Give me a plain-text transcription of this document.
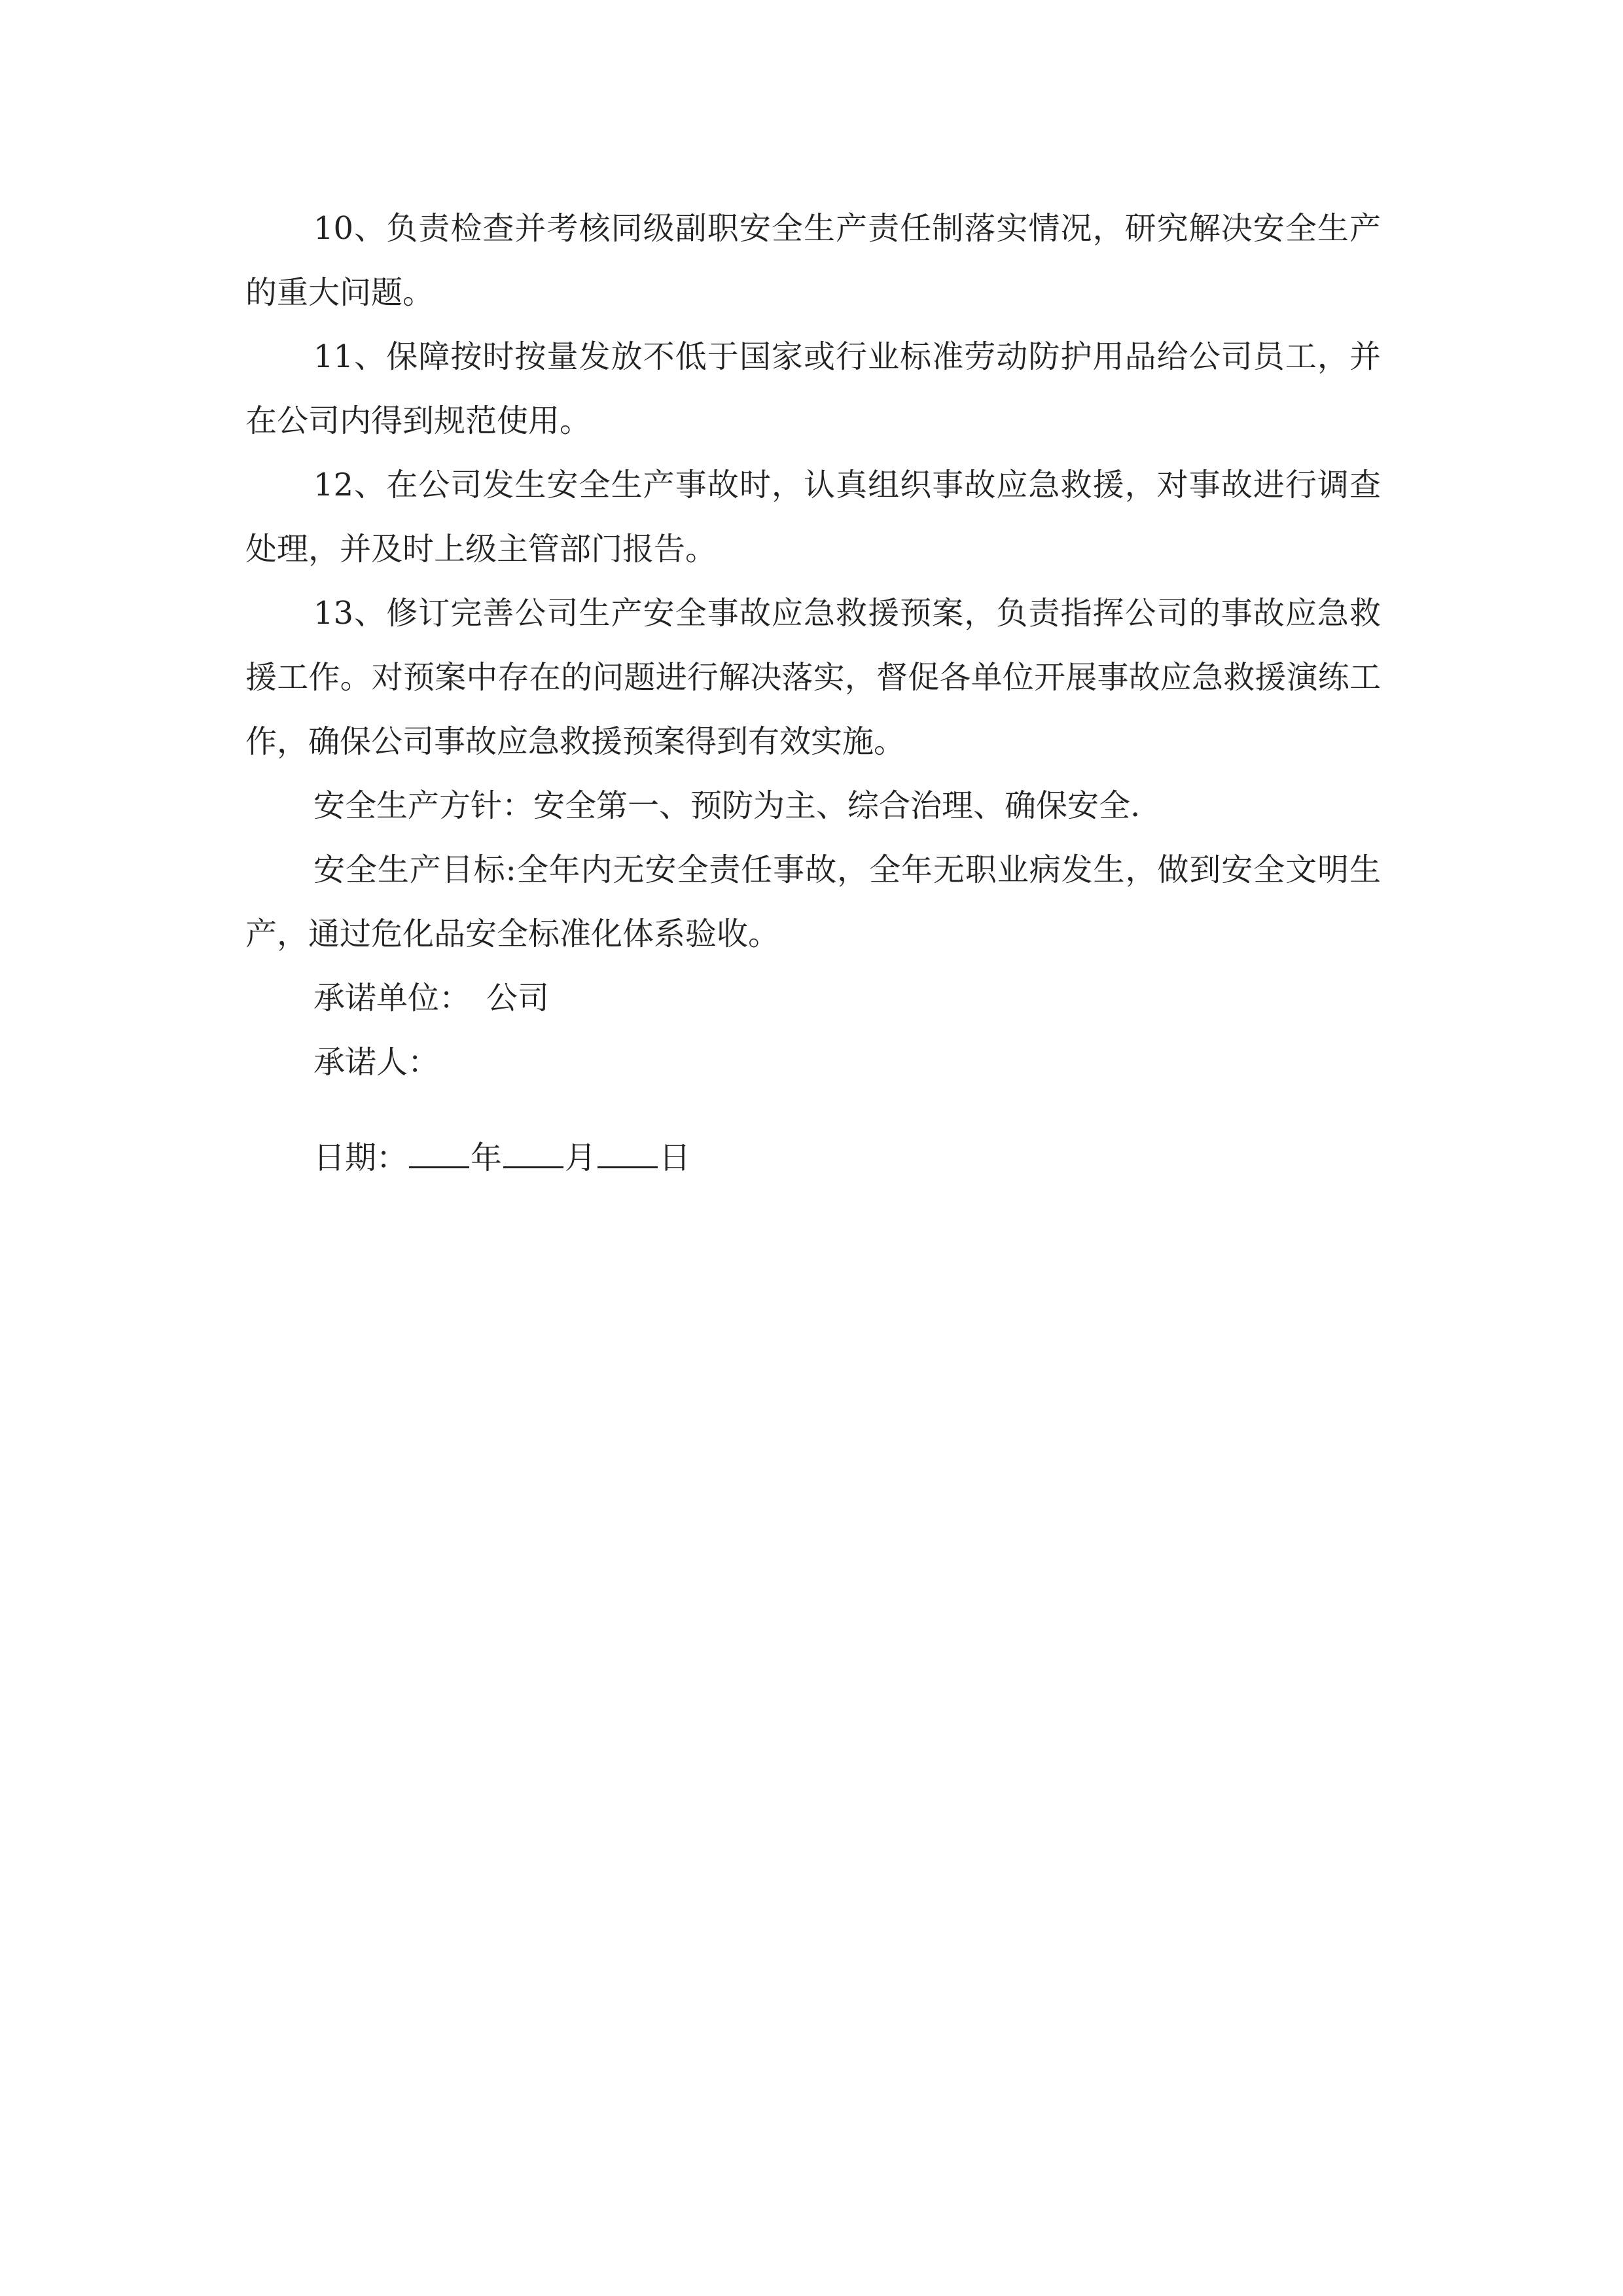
10、负责检查并考核同级副职安全生产责任制落实情况，研究解决安全生产的重大问题。

11、保障按时按量发放不低于国家或行业标准劳动防护用品给公司员工，并在公司内得到规范使用。

12、在公司发生安全生产事故时，认真组织事故应急救援，对事故进行调查处理，并及时上级主管部门报告。

13、修订完善公司生产安全事故应急救援预案，负责指挥公司的事故应急救援工作。对预案中存在的问题进行解决落实，督促各单位开展事故应急救援演练工作，确保公司事故应急救援预案得到有效实施。

安全生产方针：安全第一、预防为主、综合治理、确保安全.

安全生产目标:全年内无安全责任事故，全年无职业病发生，做到安全文明生产，通过危化品安全标准化体系验收。

承诺单位：　公司

承诺人：

日期： 年 月 日
